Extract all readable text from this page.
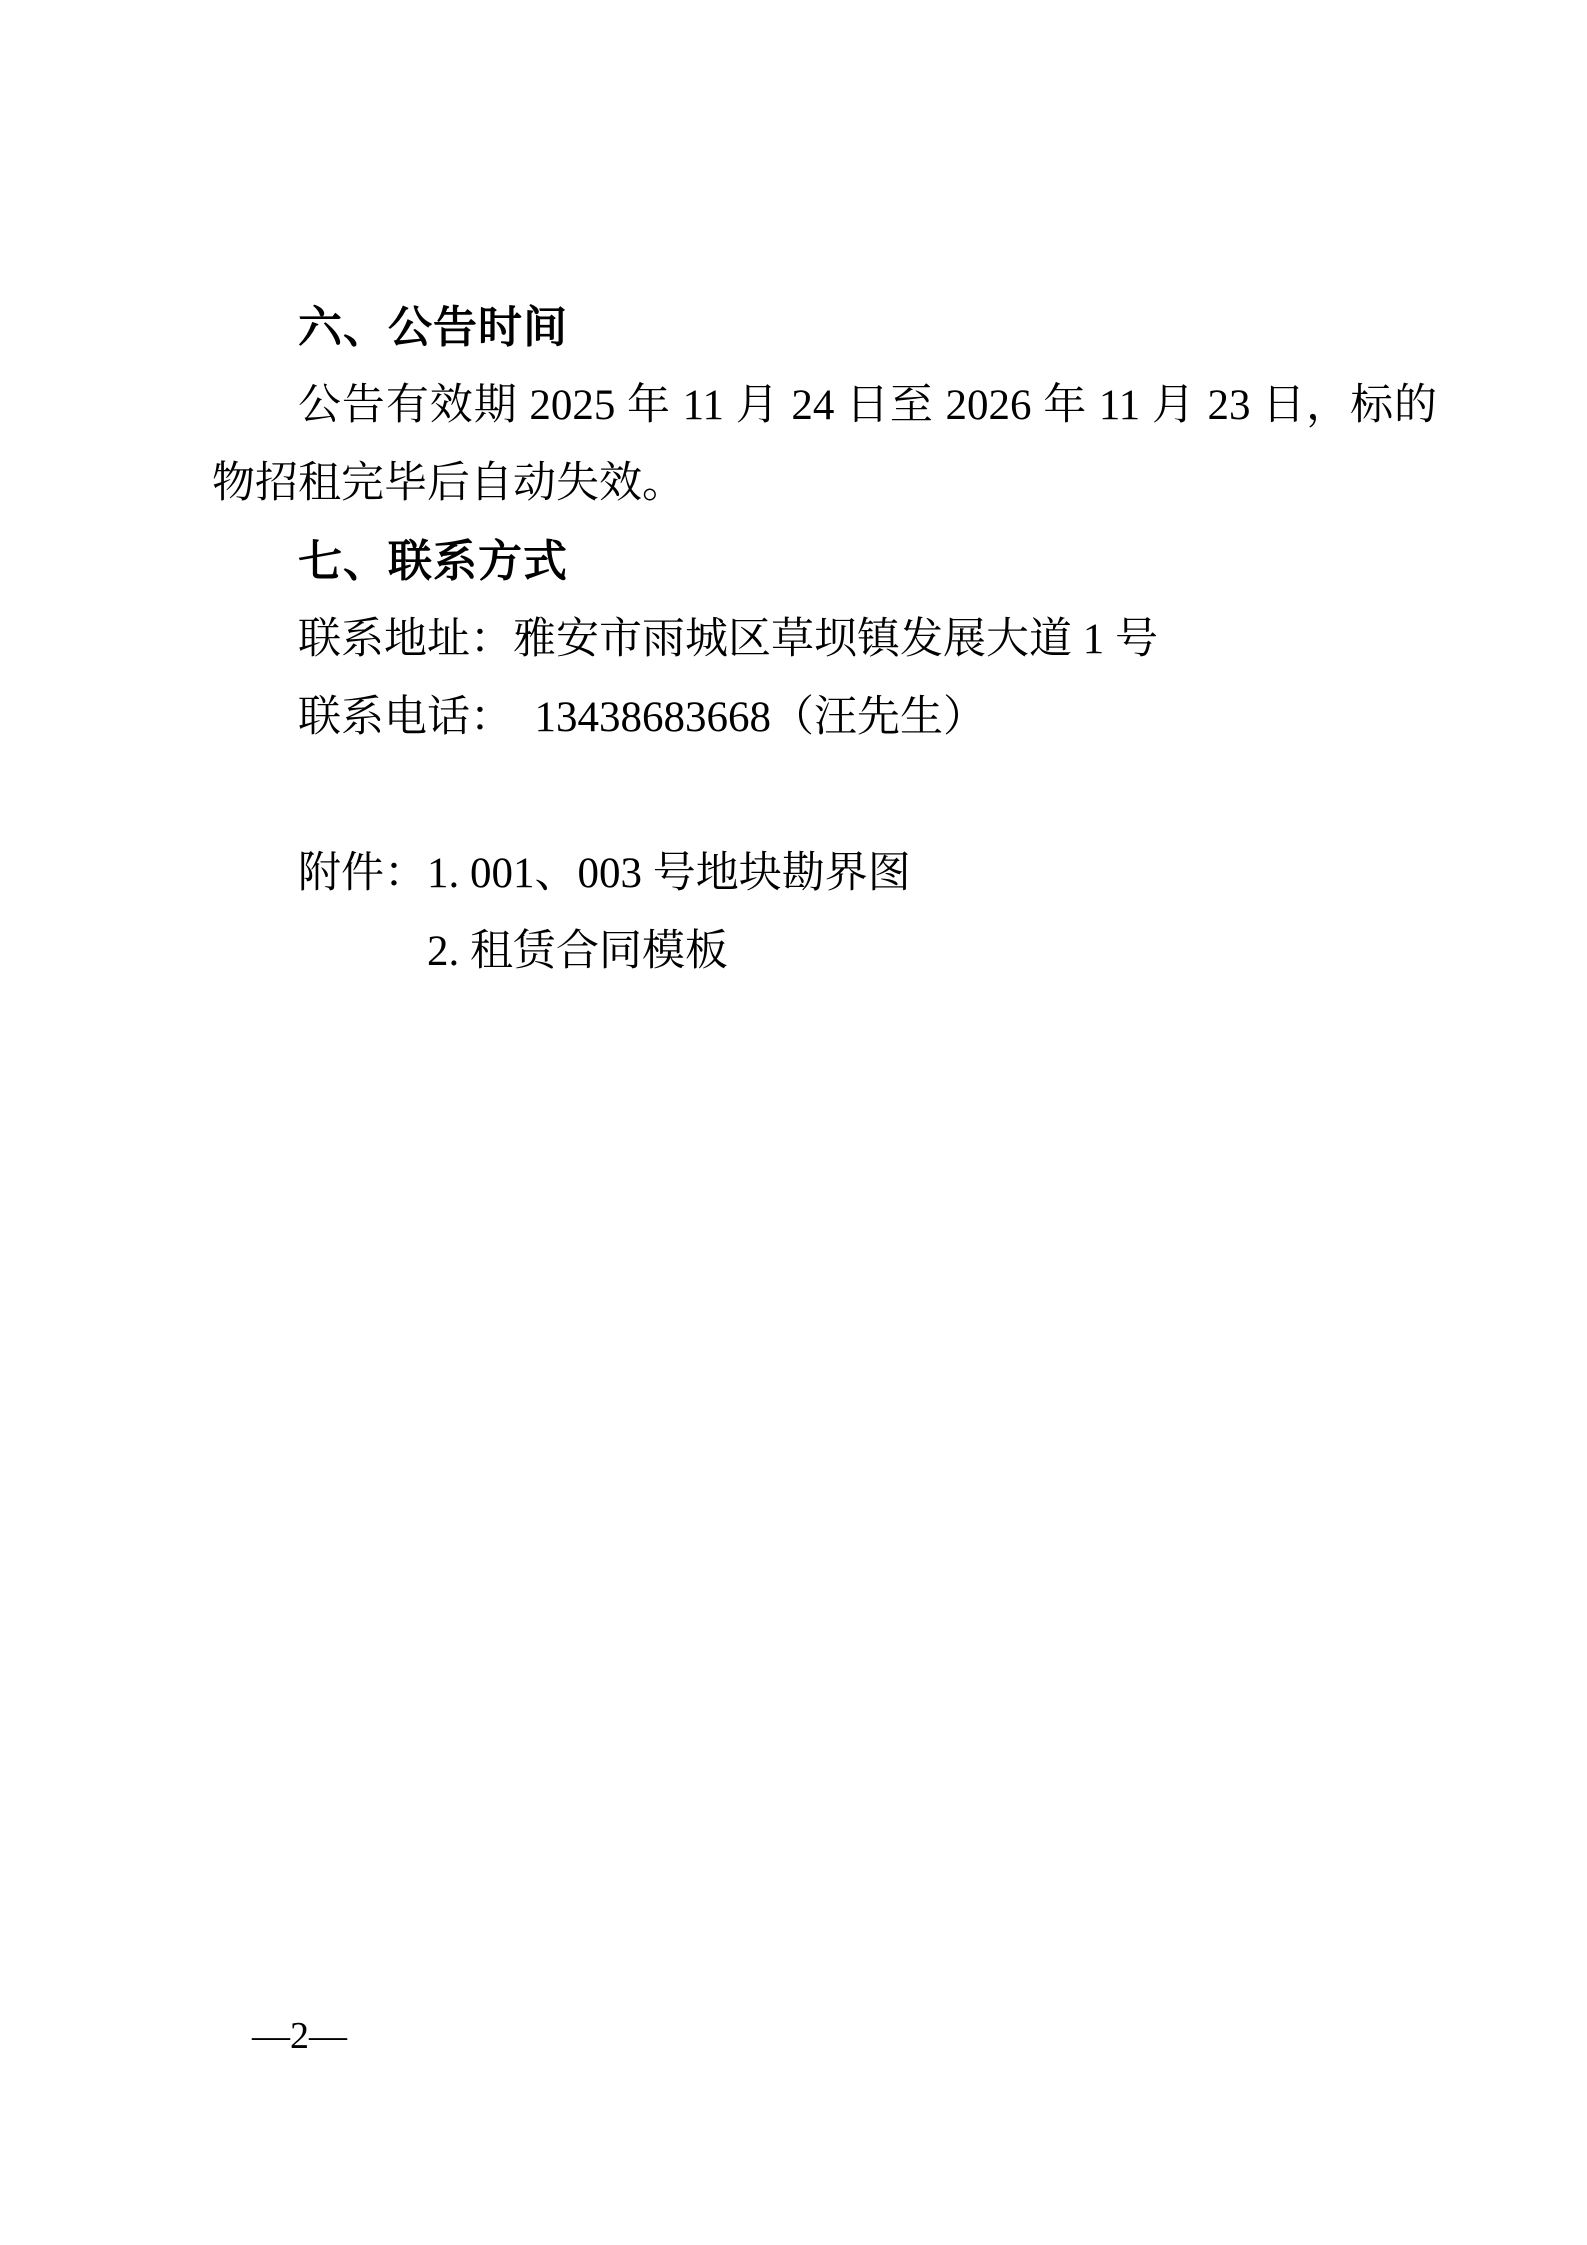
六、公告时间

公告有效期 2025 年 11 月 24 日至 2026 年 11 月 23 日，标的

物招租完毕后自动失效。

七、联系方式

联系地址：雅安市雨城区草坝镇发展大道 1 号

联系电话：  13438683668（汪先生）

附件： 1. 001、003 号地块勘界图
2. 租赁合同模板
—2—
